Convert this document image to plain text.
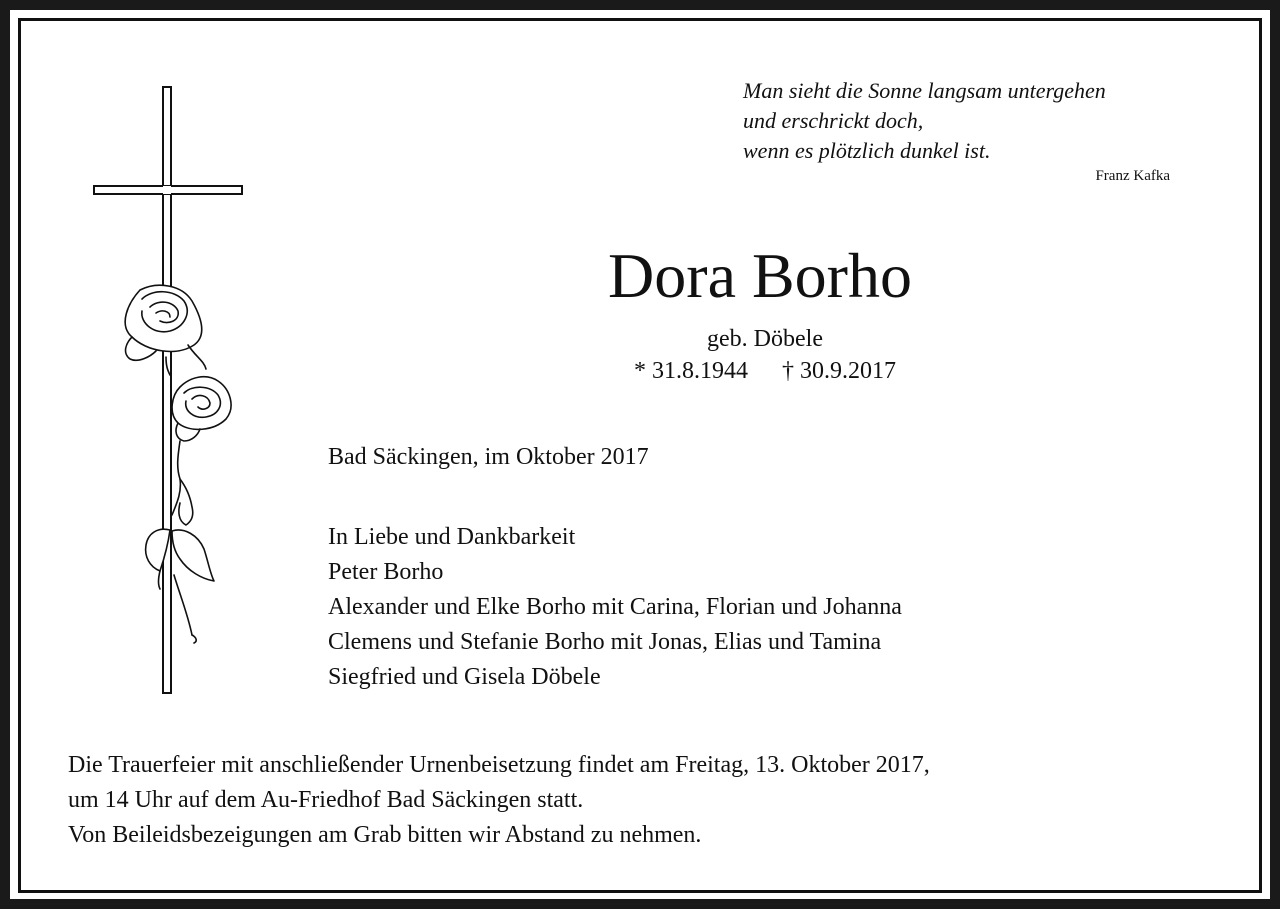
Man sieht die Sonne langsam untergehen
und erschrickt doch,
wenn es plötzlich dunkel ist.
Franz Kafka
Dora Borho
geb. Döbele
* 31.8.1944 † 30.9.2017
Bad Säckingen, im Oktober 2017
In Liebe und Dankbarkeit
Peter Borho
Alexander und Elke Borho mit Carina, Florian und Johanna
Clemens und Stefanie Borho mit Jonas, Elias und Tamina
Siegfried und Gisela Döbele
Die Trauerfeier mit anschließender Urnenbeisetzung findet am Freitag, 13. Oktober 2017,
um 14 Uhr auf dem Au-Friedhof Bad Säckingen statt.
Von Beileidsbezeigungen am Grab bitten wir Abstand zu nehmen.
